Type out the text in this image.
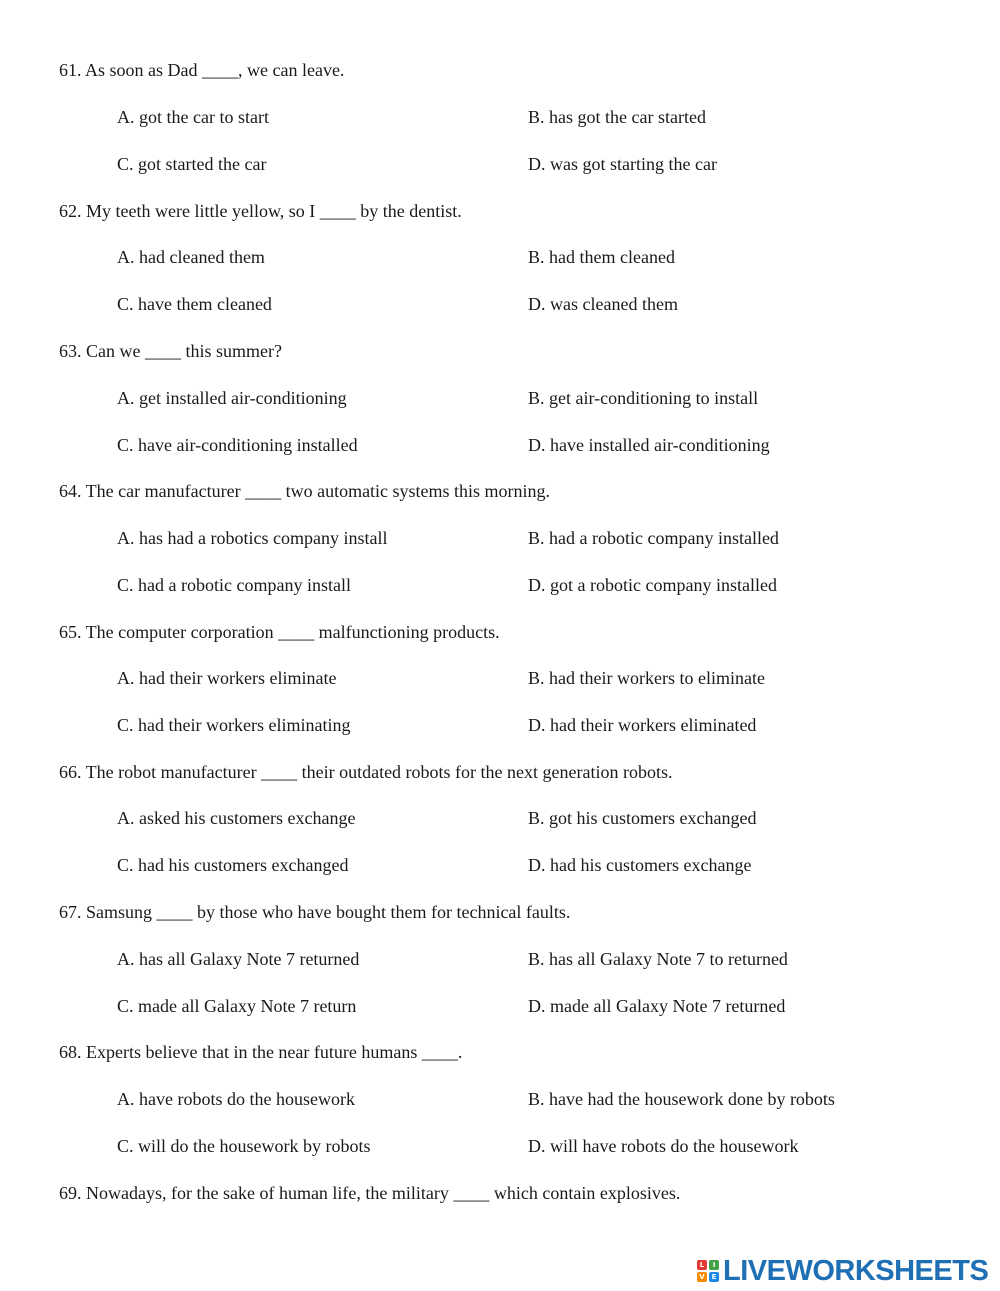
61. As soon as Dad ____, we can leave.
A. got the car to start	B. has got the car started
C. got started the car	D. was got starting the car
62. My teeth were little yellow, so I ____ by the dentist.
A. had cleaned them	B. had them cleaned
C. have them cleaned	D. was cleaned them
63. Can we ____ this summer?
A. get installed air-conditioning	B. get air-conditioning to install
C. have air-conditioning installed	D. have installed air-conditioning
64. The car manufacturer ____ two automatic systems this morning.
A. has had a robotics company install	B. had a robotic company installed
C. had a robotic company install	D. got a robotic company installed
65. The computer corporation ____ malfunctioning products.
A. had their workers eliminate	B. had their workers to eliminate
C. had their workers eliminating	D. had their workers eliminated
66. The robot manufacturer ____ their outdated robots for the next generation robots.
A. asked his customers exchange	B. got his customers exchanged
C. had his customers exchanged	D. had his customers exchange
67. Samsung ____ by those who have bought them for technical faults.
A. has all Galaxy Note 7 returned	B. has all Galaxy Note 7 to returned
C. made all Galaxy Note 7 return	D. made all Galaxy Note 7 returned
68. Experts believe that in the near future humans ____.
A. have robots do the housework	B. have had the housework done by robots
C. will do the housework by robots	D. will have robots do the housework
69. Nowadays, for the sake of human life, the military ____ which contain explosives.
L	I
V E LIVEWORKSHEETS
